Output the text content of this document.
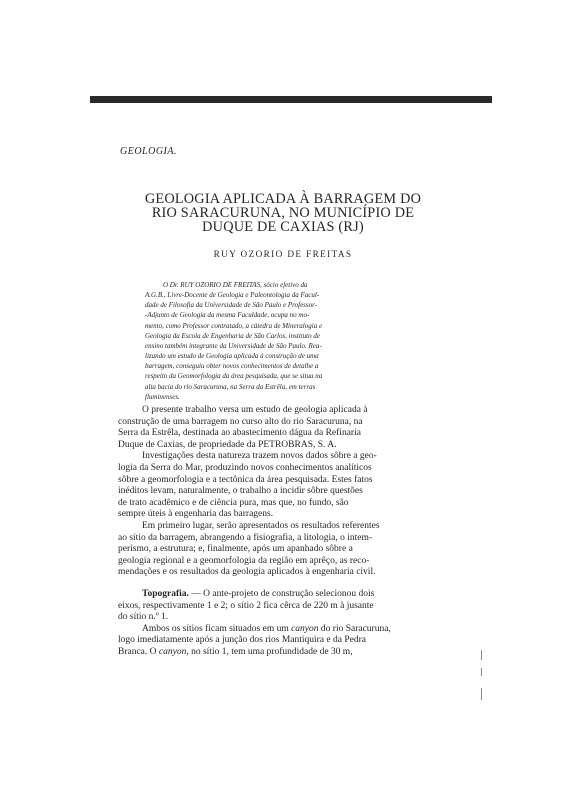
GEOLOGIA.
GEOLOGIA APLICADA À BARRAGEM DO
RIO SARACURUNA, NO MUNICÍPIO DE
DUQUE DE CAXIAS (RJ)
RUY OZORIO DE FREITAS
O Dr. RUY OZORIO DE FREITAS, sócio efetivo da
A.G.B., Livre-Docente de Geologia e Paleontologia da Facul-
dade de Filosofia da Universidade de São Paulo e Professor-
-Adjunto de Geologia da mesma Faculdade, ocupa no mo-
mento, como Professor contratado, a cátedra de Mineralogia e
Geologia da Escola de Engenharia de São Carlos, instituto de
ensino também integrante da Universidade de São Paulo. Rea-
lizando um estudo de Geologia aplicada à construção de uma
barragem, conseguiu obter novos conhecimentos de detalhe a
respeito da Geomorfologia da área pesquisada, que se situa na
alta bacia do rio Saracuruna, na Serra da Estrêla, em terras
fluminenses.
O presente trabalho versa um estudo de geologia aplicada à
construção de uma barragem no curso alto do rio Saracuruna, na
Serra da Estrêla, destinada ao abastecimento dágua da Refinaria
Duque de Caxias, de propriedade da PETROBRÁS, S. A.
Investigações desta natureza trazem novos dados sôbre a geo-
logia da Serra do Mar, produzindo novos conhecimentos analíticos
sôbre a geomorfologia e a tectônica da área pesquisada. Êstes fatos
inéditos levam, naturalmente, o trabalho a incidir sôbre questões
de trato acadêmico e de ciência pura, mas que, no fundo, são
sempre úteis à engenharia das barragens.
Em primeiro lugar, serão apresentados os resultados referentes
ao sítio da barragem, abrangendo a fisiografia, a litologia, o intem-
perismo, a estrutura; e, finalmente, após um apanhado sôbre a
geologia regional e a geomorfologia da região em aprêço, as reco-
mendações e os resultados da geologia aplicados à engenharia civil.
Topografia. — O ante-projeto de construção selecionou dois
eixos, respectivamente 1 e 2; o sítio 2 fica cêrca de 220 m à jusante
do sítio n.º 1.
Ambos os sítios ficam situados em um canyon do rio Saracuruna,
logo imediatamente após a junção dos rios Mantiquira e da Pedra
Branca. O canyon, no sítio 1, tem uma profundidade de 30 m,
